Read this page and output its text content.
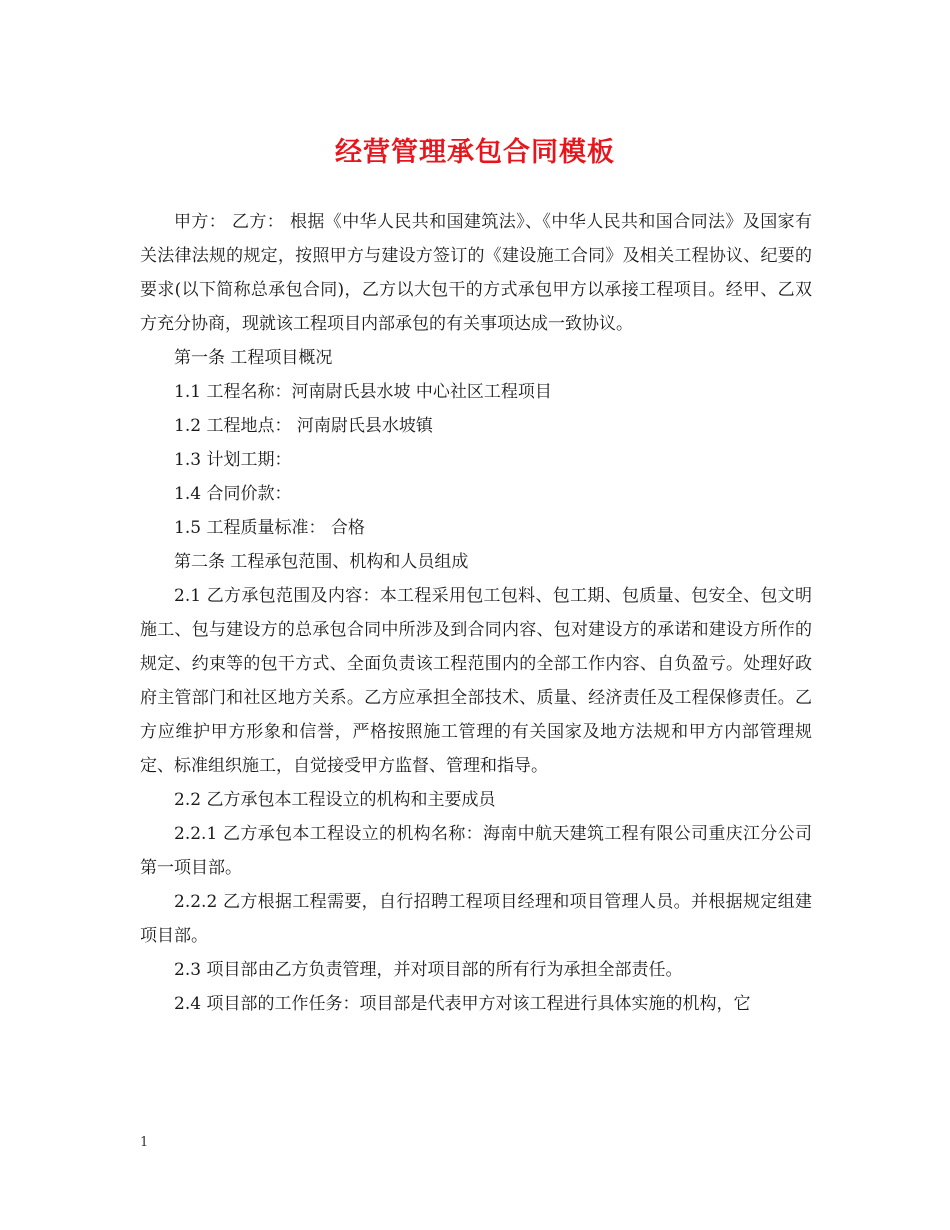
经营管理承包合同模板

甲方： 乙方： 根据《中华人民共和国建筑法》、《中华人民共和国合同法》及国家有关法律法规的规定，按照甲方与建设方签订的《建设施工合同》及相关工程协议、纪要的要求(以下简称总承包合同)，乙方以大包干的方式承包甲方以承接工程项目。经甲、乙双方充分协商，现就该工程项目内部承包的有关事项达成一致协议。

第一条 工程项目概况

1.1 工程名称：河南尉氏县水坡 中心社区工程项目

1.2 工程地点： 河南尉氏县水坡镇

1.3 计划工期：

1.4 合同价款：

1.5 工程质量标准： 合格

第二条 工程承包范围、机构和人员组成

2.1 乙方承包范围及内容：本工程采用包工包料、包工期、包质量、包安全、包文明施工、包与建设方的总承包合同中所涉及到合同内容、包对建设方的承诺和建设方所作的规定、约束等的包干方式、全面负责该工程范围内的全部工作内容、自负盈亏。处理好政府主管部门和社区地方关系。乙方应承担全部技术、质量、经济责任及工程保修责任。乙方应维护甲方形象和信誉，严格按照施工管理的有关国家及地方法规和甲方内部管理规定、标准组织施工，自觉接受甲方监督、管理和指导。

2.2 乙方承包本工程设立的机构和主要成员

2.2.1 乙方承包本工程设立的机构名称：海南中航天建筑工程有限公司重庆江分公司第一项目部。

2.2.2 乙方根据工程需要，自行招聘工程项目经理和项目管理人员。并根据规定组建项目部。

2.3 项目部由乙方负责管理，并对项目部的所有行为承担全部责任。

2.4 项目部的工作任务：项目部是代表甲方对该工程进行具体实施的机构，它

1
